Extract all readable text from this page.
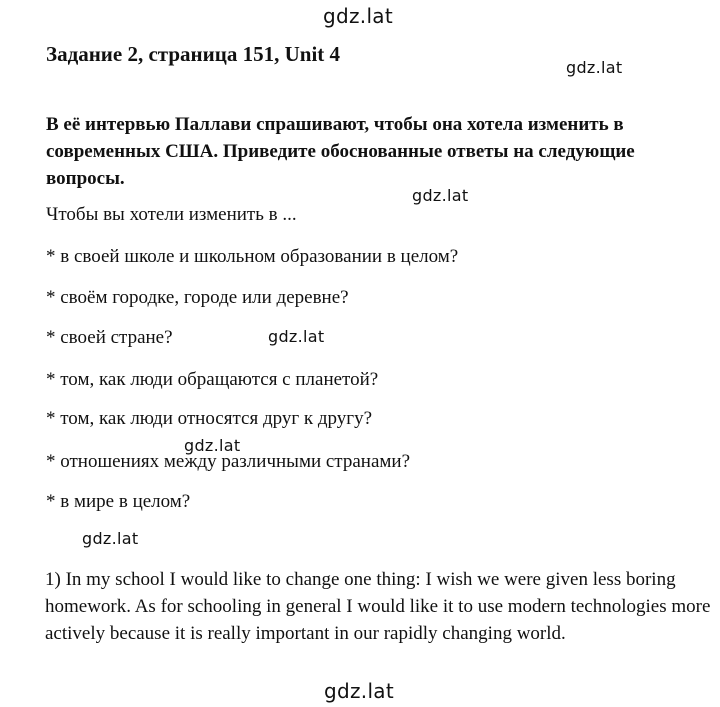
gdz.lat
Задание 2, страница 151, Unit 4
gdz.lat
В её интервью Паллави спрашивают, чтобы она хотела изменить в современных США. Приведите обоснованные ответы на следующие вопросы.
gdz.lat
Чтобы вы хотели изменить в ...
* в своей школе и школьном образовании в целом?
* своём городке, городе или деревне?
* своей стране?	gdz.lat
* том, как люди обращаются с планетой?
* том, как люди относятся друг к другу?
gdz.lat
* отношениях между различными странами?
* в мире в целом?
gdz.lat
1) In my school I would like to change one thing: I wish we were given less boring homework. As for schooling in general I would like it to use modern technologies more actively because it is really important in our rapidly changing world.
gdz.lat
